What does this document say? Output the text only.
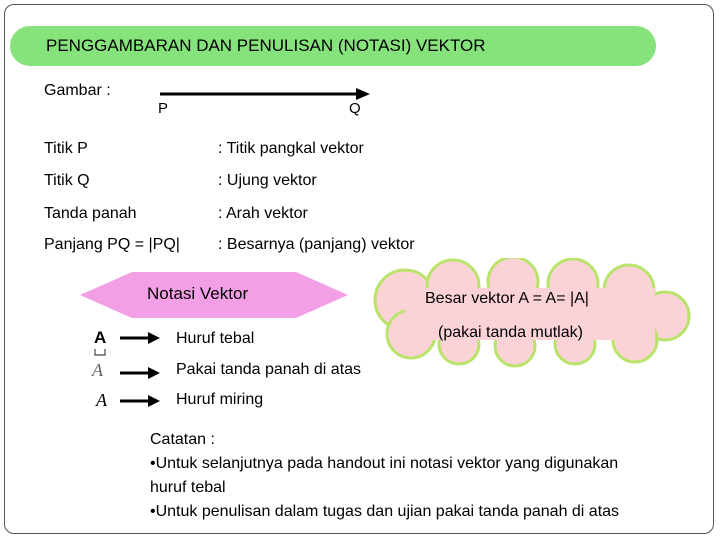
PENGGAMBARAN DAN PENULISAN (NOTASI) VEKTOR
Gambar :
P	Q
Titik P	: Titik pangkal vektor
Titik Q	: Ujung vektor
Tanda panah	: Arah vektor
Panjang PQ = |PQ| : Besarnya (panjang) vektor
Besar vektor A = A= |A|
(pakai tanda mutlak)
Notasi Vektor
A	Huruf tebal
A	Pakai tanda panah di atas
A	Huruf miring
Catatan :
•Untuk selanjutnya pada handout ini notasi vektor yang digunakan
huruf tebal
•Untuk penulisan dalam tugas dan ujian pakai tanda panah di atas
